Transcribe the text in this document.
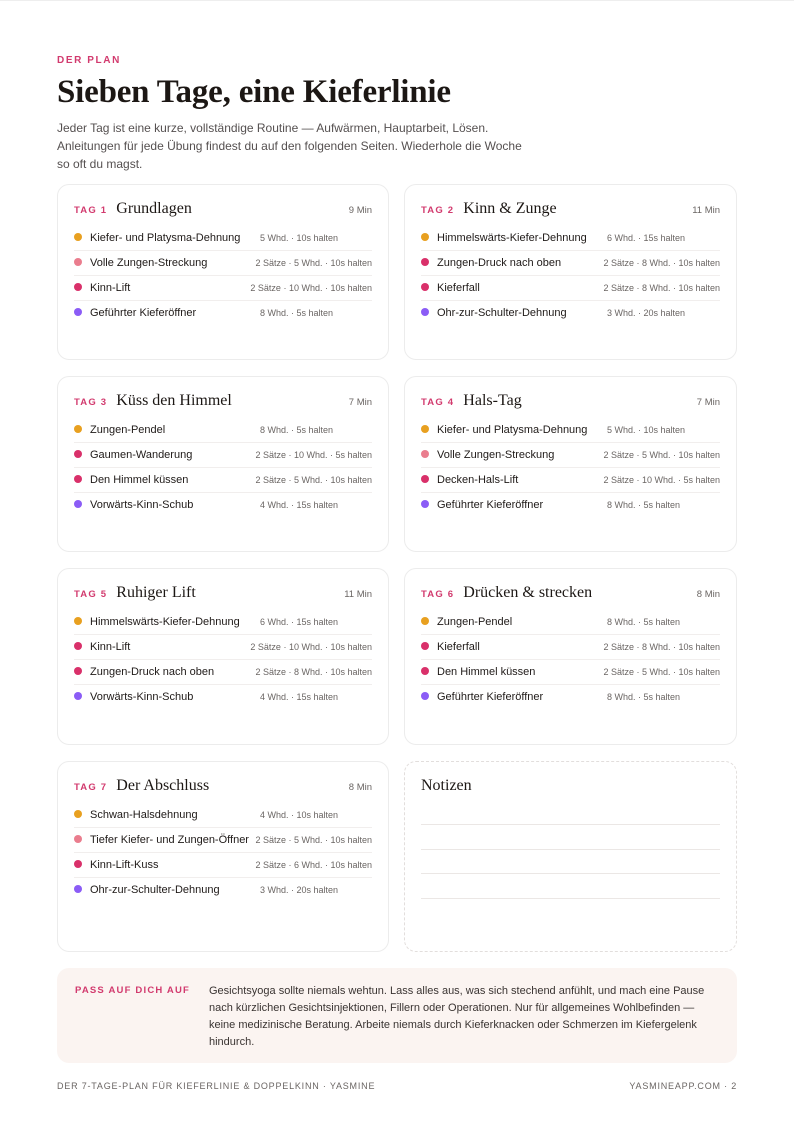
DER PLAN
Sieben Tage, eine Kieferlinie

Jeder Tag ist eine kurze, vollständige Routine — Aufwärmen, Hauptarbeit, Lösen. Anleitungen für jede Übung findest du auf den folgenden Seiten. Wiederhole die Woche so oft du magst.

TAG 1 Grundlagen	9 Min
Kiefer- und Platysma-Dehnung	5 Whd. · 10s halten
Volle Zungen-Streckung	2 Sätze · 5 Whd. · 10s halten
Kinn-Lift	2 Sätze · 10 Whd. · 10s halten
Geführter Kieferöffner	8 Whd. · 5s halten
TAG 2 Kinn & Zunge	11 Min
Himmelswärts-Kiefer-Dehnung	6 Whd. · 15s halten
Zungen-Druck nach oben	2 Sätze · 8 Whd. · 10s halten
Kieferfall	2 Sätze · 8 Whd. · 10s halten
Ohr-zur-Schulter-Dehnung	3 Whd. · 20s halten
TAG 3 Küss den Himmel	7 Min
Zungen-Pendel	8 Whd. · 5s halten
Gaumen-Wanderung	2 Sätze · 10 Whd. · 5s halten
Den Himmel küssen	2 Sätze · 5 Whd. · 10s halten
Vorwärts-Kinn-Schub	4 Whd. · 15s halten
TAG 4 Hals-Tag	7 Min
Kiefer- und Platysma-Dehnung	5 Whd. · 10s halten
Volle Zungen-Streckung	2 Sätze · 5 Whd. · 10s halten
Decken-Hals-Lift	2 Sätze · 10 Whd. · 5s halten
Geführter Kieferöffner	8 Whd. · 5s halten
TAG 5 Ruhiger Lift	11 Min
Himmelswärts-Kiefer-Dehnung	6 Whd. · 15s halten
Kinn-Lift	2 Sätze · 10 Whd. · 10s halten
Zungen-Druck nach oben	2 Sätze · 8 Whd. · 10s halten
Vorwärts-Kinn-Schub	4 Whd. · 15s halten
TAG 6 Drücken & strecken	8 Min
Zungen-Pendel	8 Whd. · 5s halten
Kieferfall	2 Sätze · 8 Whd. · 10s halten
Den Himmel küssen	2 Sätze · 5 Whd. · 10s halten
Geführter Kieferöffner	8 Whd. · 5s halten
TAG 7 Der Abschluss	8 Min
Schwan-Halsdehnung	4 Whd. · 10s halten
Tiefer Kiefer- und Zungen-Öffner 2 Sätze · 5 Whd. · 10s halten
Kinn-Lift-Kuss	2 Sätze · 6 Whd. · 10s halten
Ohr-zur-Schulter-Dehnung	3 Whd. · 20s halten
Notizen
PASS AUF DICH AUF	Gesichtsyoga sollte niemals wehtun. Lass alles aus, was sich stechend anfühlt, und mach eine Pause nach kürzlichen Gesichtsinjektionen, Fillern oder Operationen. Nur für allgemeines Wohlbefinden — keine medizinische Beratung. Arbeite niemals durch Kieferknacken oder Schmerzen im Kiefergelenk hindurch.
DER 7-TAGE-PLAN FÜR KIEFERLINIE & DOPPELKINN · YASMINE	YASMINEAPP.COM · 2
